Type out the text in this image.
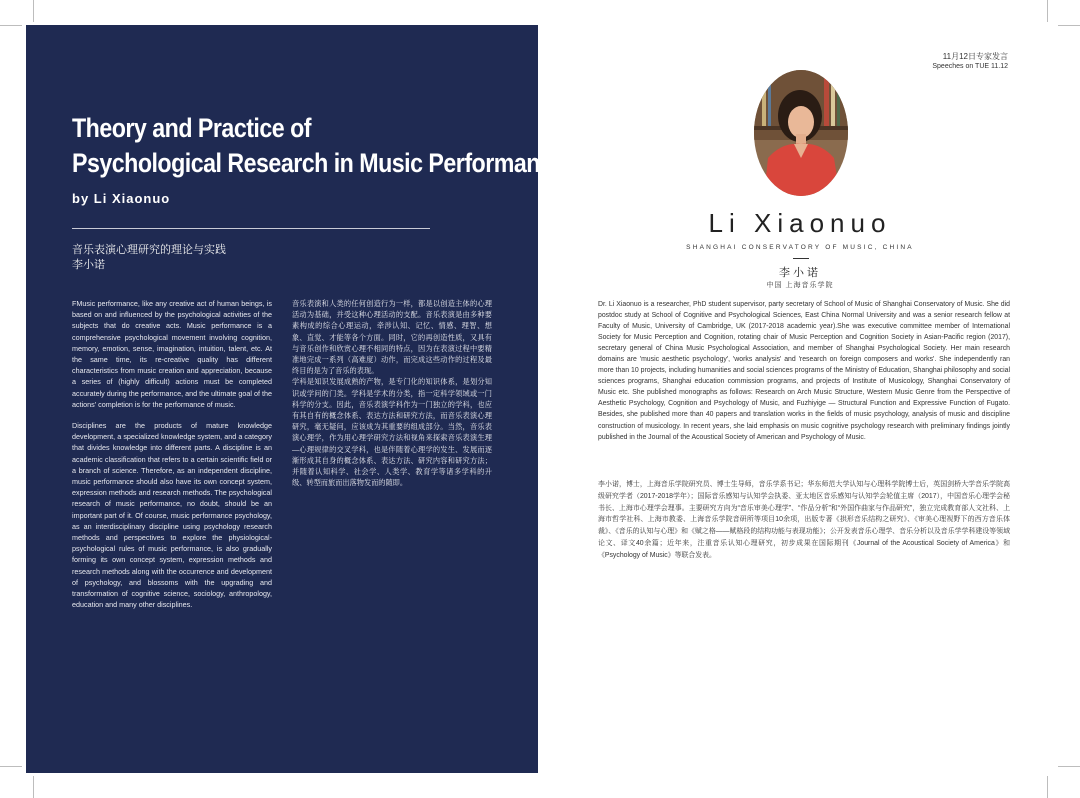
Theory and Practice of
Psychological Research in Music Performance
by Li Xiaonuo
音乐表演心理研究的理论与实践
李小诺

FMusic performance, like any creative act of human beings, is based on and influenced by the psychological activities of the subjects that do creative acts. Music performance is a comprehensive psychological movement involving cognition, memory, emotion, sense, imagination, intuition, talent, etc. At the same time, its re-creative quality has different characteristics from music creation and appreciation, because a series of (highly difficult) actions must be completed accurately during the performance, and the ultimate goal of the actions' completion is for the performance of music.

Disciplines are the products of mature knowledge development, a specialized knowledge system, and a category that divides knowledge into different parts. A discipline is an academic classification that refers to a certain scientific field or a branch of science. Therefore, as an independent discipline, music performance should also have its own concept system, expression methods and research methods. The psychological research of music performance, no doubt, should be an important part of it. Of course, music performance psychology, as an interdisciplinary discipline using psychology research methods and perspectives to explore the physiological-psychological rules of music performance, is also gradually forming its own concept system, expression methods and research methods along with the occurrence and development of psychology, and blossoms with the upgrading and transformation of cognitive science, sociology, anthropology, education and many other disciplines.

音乐表演和人类的任何创造行为一样，都是以创造主体的心理活动为基础，并受这种心理活动的支配。音乐表演是由多种要素构成的综合心理运动，牵涉认知、记忆、情感、理智、想象、直觉、才能等各个方面。同时，它的再创造性质，又具有与音乐创作和欣赏心理不相同的特点，因为在表演过程中要精准地完成一系列（高难度）动作，而完成这些动作的过程及最终目的是为了音乐的表现。

学科是知识发展成熟的产物，是专门化的知识体系，是划分知识或学问的门类。学科是学术的分类，指一定科学领域或一门科学的分支。因此，音乐表演学科作为一门独立的学科，也应有其自有的概念体系、表达方法和研究方法，而音乐表演心理研究，毫无疑问，应该成为其重要的组成部分。当然，音乐表演心理学，作为用心理学研究方法和视角来探索音乐表演生理—心理规律的交叉学科，也是伴随着心理学的发生、发展而逐渐形成其自身的概念体系、表达方法、研究内容和研究方法；并随着认知科学、社会学、人类学、教育学等诸多学科的升级、转型而旅而出落物发而的随即。

11月12日专家发言
Speeches on TUE 11.12
Li Xiaonuo
SHANGHAI CONSERVATORY OF MUSIC, CHINA
李小诺
中国 上海音乐学院
Dr. Li Xiaonuo is a researcher, PhD student supervisor, party secretary of School of Music of Shanghai Conservatory of Music. She did postdoc study at School of Cognitive and Psychological Sciences, East China Normal University and was a senior research fellow at Faculty of Music, University of Cambridge, UK (2017-2018 academic year).She was executive committee member of International Society for Music Perception and Cognition, rotating chair of Music Perception and Cognition Society in Asian-Pacific region (2017), secretary general of China Music Psychological Association, and member of Shanghai Psychological Society. Her main research domains are 'music aesthetic psychology', 'works analysis' and 'research on foreign composers and works'. She independently ran more than 10 projects, including humanities and social sciences programs of the Ministry of Education, Shanghai philosophy and social sciences programs, Shanghai education commission programs, and projects of Institute of Musicology, Shanghai Conservatory of Music etc. She published monographs as follows: Research on Arch Music Structure, Western Music Genre from the Perspective of Aesthetic Psychology, Cognition and Psychology of Music, and Fuzhiyige — Structural Function and Expressive Function of Fugato. Besides, she published more than 40 papers and translation works in the fields of music psychology, analysis of music and discipline construction of musicology. In recent years, she laid emphasis on music cognitive psychology research with preliminary findings jointly published in the Journal of the Acoustical Society of American and Psychology of Music.
李小诺，博士，上海音乐学院研究员、博士生导师，音乐学系书记；华东师范大学认知与心理科学院博士后，英国剑桥大学音乐学院高级研究学者（2017-2018学年）；国际音乐感知与认知学会执委、亚太地区音乐感知与认知学会轮值主席（2017），中国音乐心理学会秘书长、上海市心理学会理事。主要研究方向为“音乐审美心理学”、“作品分析”和“外国作曲家与作品研究”，独立完成教育部人文社科、上海市哲学社科、上海市教委、上海音乐学院音研所等项目10余项，出版专著《拱形音乐结构之研究》、《审美心理视野下的西方音乐体裁》、《音乐的认知与心理》和《赋之格——赋格段的结构功能与表现功能》；公开发表音乐心理学、音乐分析以及音乐学学科建设等领域论文、译文40余篇；近年来，注重音乐认知心理研究，初步成果在国际期刊《Journal of the Acoustical Society of America》和《Psychology of Music》等联合发表。
